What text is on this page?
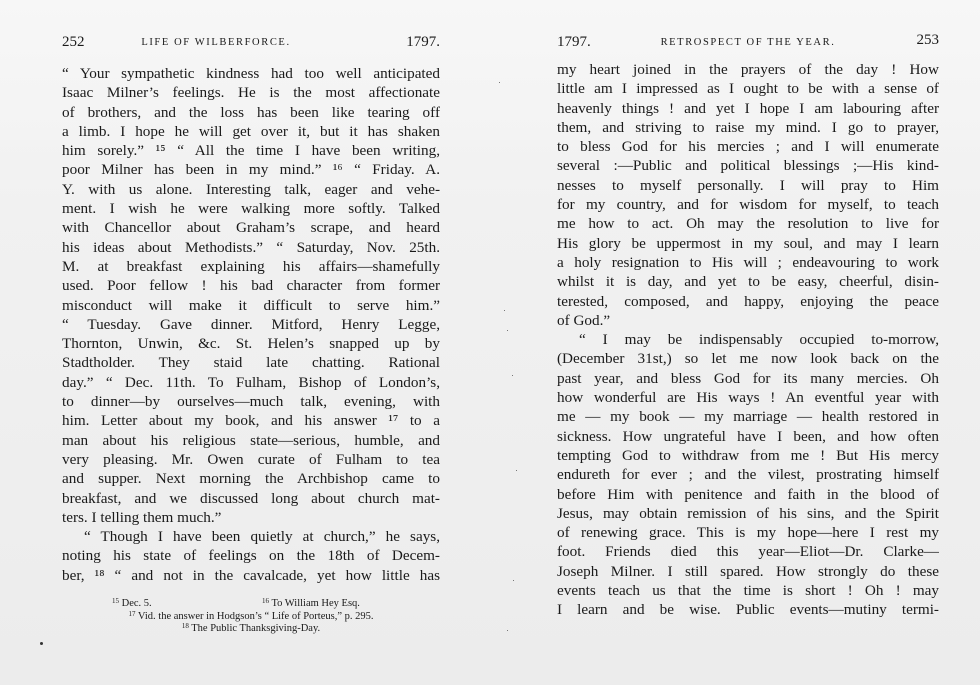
252	LIFE OF WILBERFORCE.	1797.
“ Your sympathetic kindness had too well anticipated
Isaac Milner’s feelings. He is the most affectionate
of brothers, and the loss has been like tearing off
a limb. I hope he will get over it, but it has shaken
him sorely.” ¹⁵ “ All the time I have been writing,
poor Milner has been in my mind.” ¹⁶ “ Friday. A.
Y. with us alone. Interesting talk, eager and vehe-
ment. I wish he were walking more softly. Talked
with Chancellor about Graham’s scrape, and heard
his ideas about Methodists.” “ Saturday, Nov. 25th.
M. at breakfast explaining his affairs—shamefully
used. Poor fellow ! his bad character from former
misconduct will make it difficult to serve him.”
“ Tuesday. Gave dinner. Mitford, Henry Legge,
Thornton, Unwin, &c. St. Helen’s snapped up by
Stadtholder. They staid late chatting. Rational
day.” “ Dec. 11th. To Fulham, Bishop of London’s,
to dinner—by ourselves—much talk, evening, with
him. Letter about my book, and his answer ¹⁷ to a
man about his religious state—serious, humble, and
very pleasing. Mr. Owen curate of Fulham to tea
and supper. Next morning the Archbishop came to
breakfast, and we discussed long about church mat-
ters. I telling them much.”
“ Though I have been quietly at church,” he says,
noting his state of feelings on the 18th of Decem-
ber, ¹⁸ “ and not in the cavalcade, yet how little has
$^{15}$ Dec. 5.	$^{16}$ To William Hey Esq.
$^{17}$ Vid. the answer in Hodgson’s “ Life of Porteus,” p. 295.
$^{18}$ The Public Thanksgiving-Day.
1797.	RETROSPECT OF THE YEAR.	253
my heart joined in the prayers of the day ! How
little am I impressed as I ought to be with a sense of
heavenly things ! and yet I hope I am labouring after
them, and striving to raise my mind. I go to prayer,
to bless God for his mercies ; and I will enumerate
several :—Public and political blessings ;—His kind-
nesses to myself personally. I will pray to Him
for my country, and for wisdom for myself, to teach
me how to act. Oh may the resolution to live for
His glory be uppermost in my soul, and may I learn
a holy resignation to His will ; endeavouring to work
whilst it is day, and yet to be easy, cheerful, disin-
terested, composed, and happy, enjoying the peace
of God.”
“ I may be indispensably occupied to-morrow,
(December 31st,) so let me now look back on the
past year, and bless God for its many mercies. Oh
how wonderful are His ways ! An eventful year with
me — my book — my marriage — health restored in
sickness. How ungrateful have I been, and how often
tempting God to withdraw from me ! But His mercy
endureth for ever ; and the vilest, prostrating himself
before Him with penitence and faith in the blood of
Jesus, may obtain remission of his sins, and the Spirit
of renewing grace. This is my hope—here I rest my
foot. Friends died this year—Eliot—Dr. Clarke—
Joseph Milner. I still spared. How strongly do these
events teach us that the time is short ! Oh ! may
I learn and be wise. Public events—mutiny termi-
